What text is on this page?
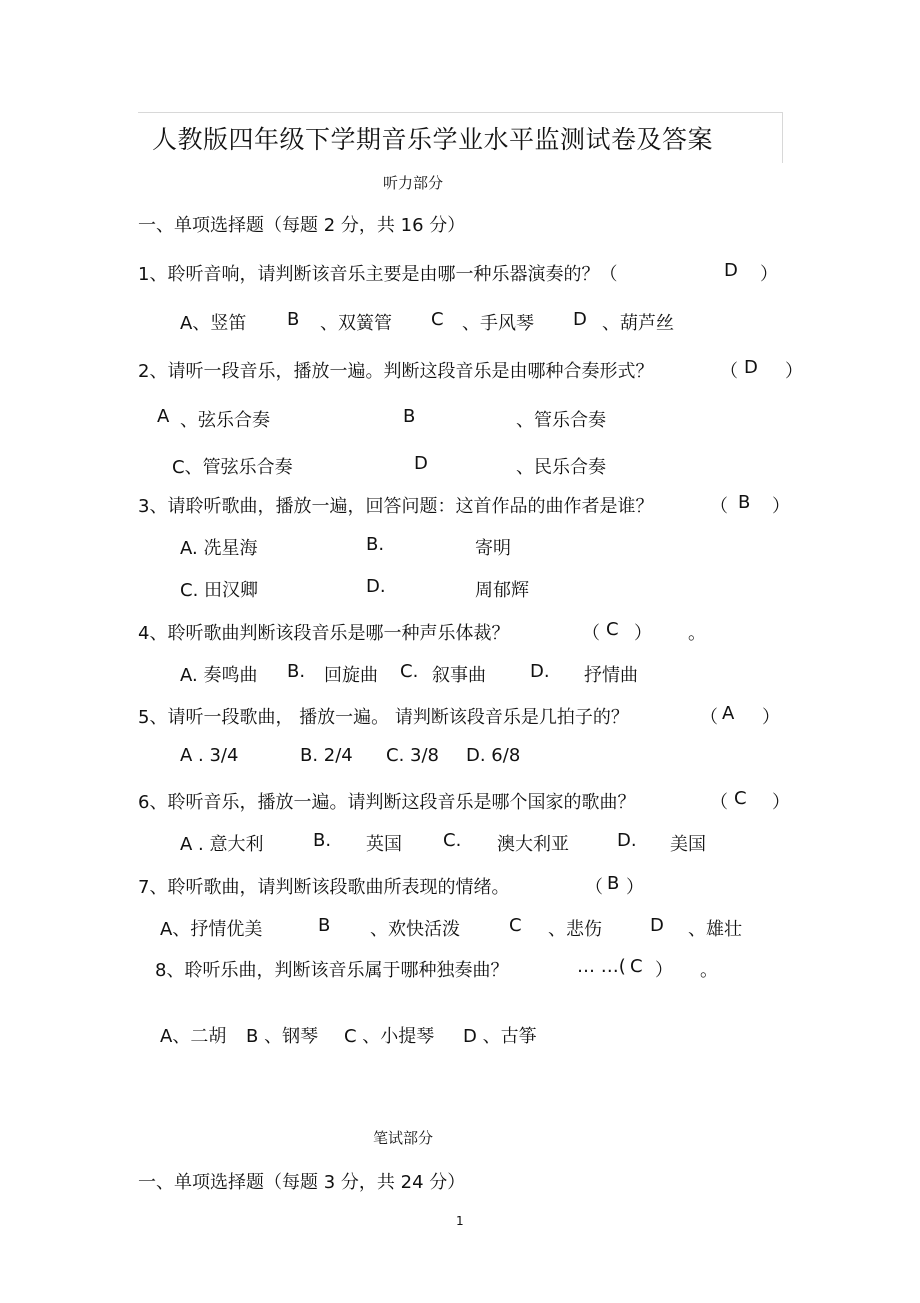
人教版四年级下学期音乐学业水平监测试卷及答案
听力部分
一、单项选择题（每题 2 分，共 16 分）
1、聆听音响，请判断该音乐主要是由哪一种乐器演奏的？（	D ）
A、竖笛 B 、双簧管 C 、手风琴 D 、葫芦丝
2、请听一段音乐，播放一遍。判断这段音乐是由哪种合奏形式？	（ D ）
A 、弦乐合奏	B	、管乐合奏
C、管弦乐合奏	D	、民乐合奏
3、请聆听歌曲，播放一遍，回答问题：这首作品的曲作者是谁？	（ B ）
A. 冼星海	B.	寄明
C. 田汉卿	D.	周郁辉
4、聆听歌曲判断该段音乐是哪一种声乐体裁？	（ C ） 。
A. 奏鸣曲 B. 回旋曲 C. 叙事曲 D. 抒情曲
5、请听一段歌曲， 播放一遍。 请判断该段音乐是几拍子的？	（ A ）
A . 3/4	B. 2/4 C. 3/8 D. 6/8
6、聆听音乐，播放一遍。请判断这段音乐是哪个国家的歌曲？	（ C ）
A . 意大利	B. 英国 C. 澳大利亚	D. 美国
7、聆听歌曲，请判断该段歌曲所表现的情绪。	（ B ）
A、抒情优美	B 、欢快活泼	C 、悲伤	D 、雄壮
8、聆听乐曲，判断该音乐属于哪种独奏曲？	… …( C ） 。
A、二胡 B 、钢琴 C 、小提琴 D 、古筝
笔试部分
一、单项选择题（每题 3 分，共 24 分）
1
